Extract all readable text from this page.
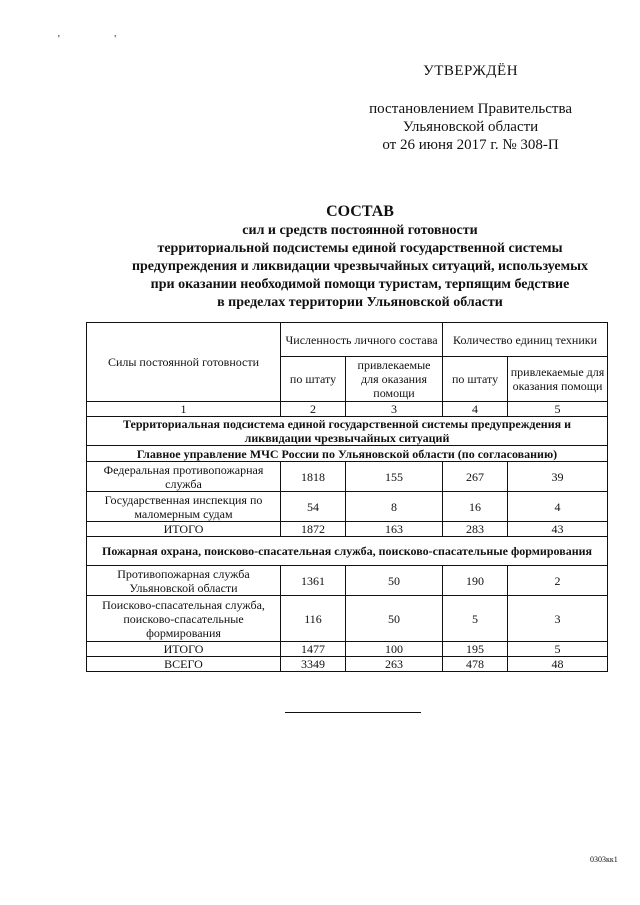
' '
УТВЕРЖДЁН
постановлением Правительства
Ульяновской области
от 26 июня 2017 г. № 308-П
СОСТАВ
сил и средств постоянной готовности
территориальной подсистемы единой государственной системы
предупреждения и ликвидации чрезвычайных ситуаций, используемых
при оказании необходимой помощи туристам, терпящим бедствие
в пределах территории Ульяновской области
Силы постоянной готовности	Численность личного состава		Количество единиц техники	
	по штату	привлекаемые для оказания помощи	по штату	привлекаемые для оказания помощи
1	2	3	4	5
Территориальная подсистема единой государственной системы предупреждения и ликвидации чрезвычайных ситуаций				
Главное управление МЧС России по Ульяновской области (по согласованию)				
Федеральная противопожарная служба	1818	155	267	39
Государственная инспекция по маломерным судам	54	8	16	4
ИТОГО	1872	163	283	43
Пожарная охрана, поисково-спасательная служба, поисково-спасательные формирования				
Противопожарная служба Ульяновской области	1361	50	190	2
Поисково-спасательная служба, поисково-спасательные формирования	116	50	5	3
ИТОГО	1477	100	195	5
ВСЕГО	3349	263	478	48
0303кк1
